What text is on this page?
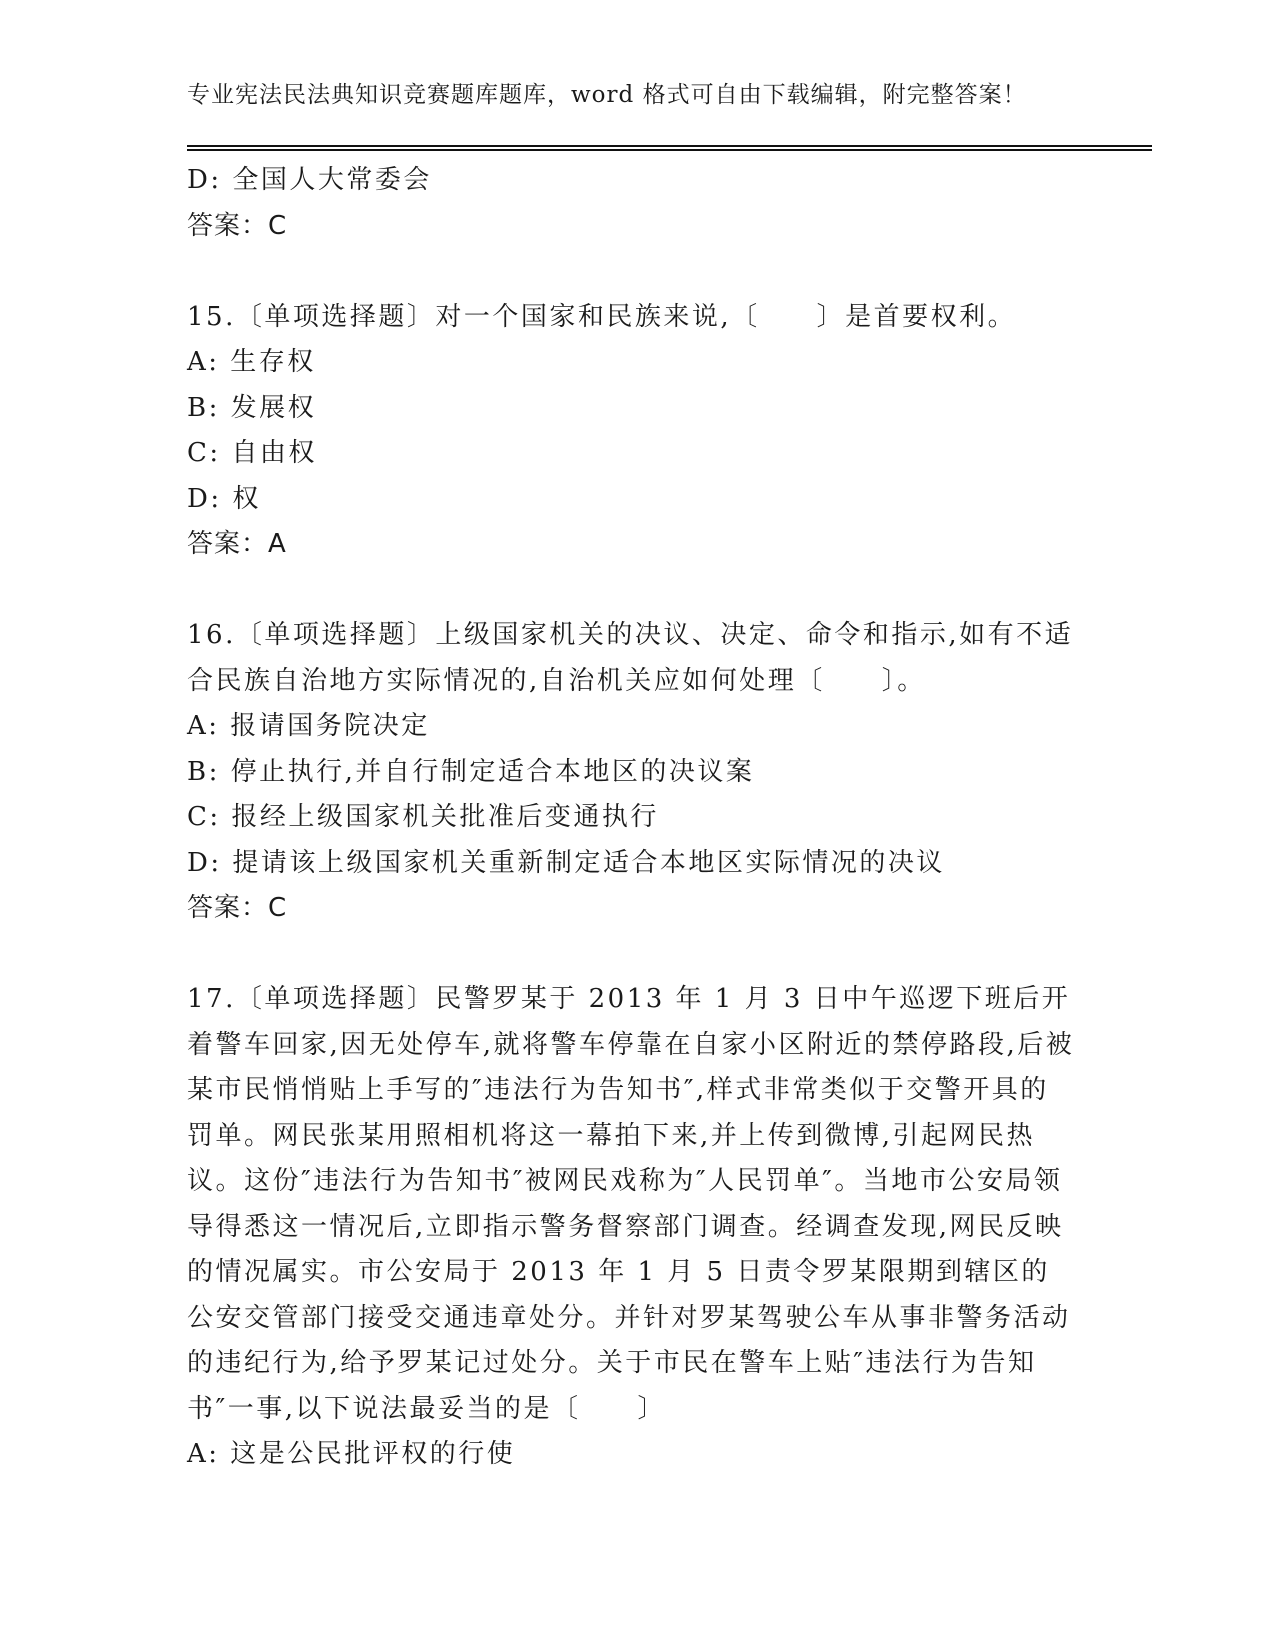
专业宪法民法典知识竞赛题库题库，word 格式可自由下载编辑，附完整答案！
D: 全国人大常委会
答案：C
15.〔单项选择题〕对一个国家和民族来说,〔　　〕是首要权利。
A: 生存权
B: 发展权
C: 自由权
D: 权
答案：A
16.〔单项选择题〕上级国家机关的决议、决定、命令和指示,如有不适合民族自治地方实际情况的,自治机关应如何处理〔　　〕。
A: 报请国务院决定
B: 停止执行,并自行制定适合本地区的决议案
C: 报经上级国家机关批准后变通执行
D: 提请该上级国家机关重新制定适合本地区实际情况的决议
答案：C
17.〔单项选择题〕民警罗某于 2013 年 1 月 3 日中午巡逻下班后开着警车回家,因无处停车,就将警车停靠在自家小区附近的禁停路段,后被某市民悄悄贴上手写的″违法行为告知书″,样式非常类似于交警开具的罚单。网民张某用照相机将这一幕拍下来,并上传到微博,引起网民热议。这份″违法行为告知书″被网民戏称为″人民罚单″。当地市公安局领导得悉这一情况后,立即指示警务督察部门调查。经调查发现,网民反映的情况属实。市公安局于 2013 年 1 月 5 日责令罗某限期到辖区的公安交管部门接受交通违章处分。并针对罗某驾驶公车从事非警务活动的违纪行为,给予罗某记过处分。关于市民在警车上贴″违法行为告知书″一事,以下说法最妥当的是〔　　〕
A: 这是公民批评权的行使
